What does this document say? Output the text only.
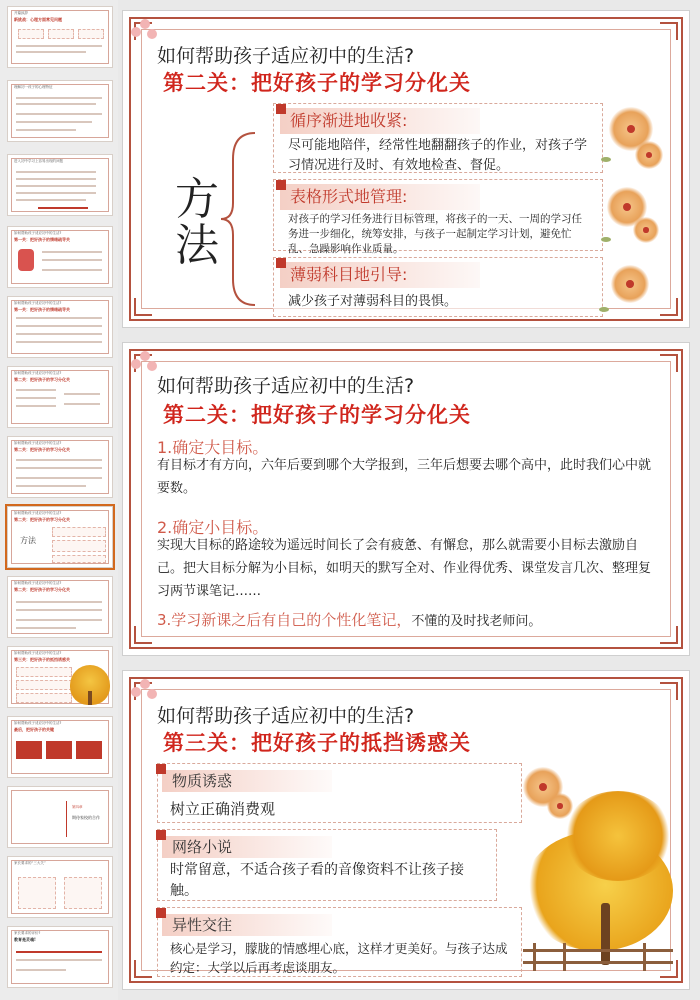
开篇致辞
新挑战：心理方面常见问题
理解初一孩子的心理特征
进入初中学习上容易出现的问题
如何帮助孩子适应初中的生活?
第一关：把好孩子的情绪疏导关
如何帮助孩子适应初中的生活?
第一关：把好孩子的情绪疏导关
如何帮助孩子适应初中的生活?
第二关：把好孩子的学习分化关
如何帮助孩子适应初中的生活?
第二关：把好孩子的学习分化关
如何帮助孩子适应初中的生活?
第二关：把好孩子的学习分化关
方法
如何帮助孩子适应初中的生活?
第二关：把好孩子的学习分化关
如何帮助孩子适应初中的生活?
第三关：把好孩子的抵挡诱惑关
如何帮助孩子适应初中的生活?
最后，把好孩子的关键
第四章
期待家校的合作
家长要求的“三大关”
家长要求的评价?
教育是灵魂!
如何帮助孩子适应初中的生活?
第二关：把好孩子的学习分化关
方
法
循序渐进地收紧:
尽可能地陪伴，经常性地翻翻孩子的作业，对孩子学习情况进行及时、有效地检查、督促。
表格形式地管理:
对孩子的学习任务进行目标管理，将孩子的一天、一周的学习任务进一步细化，统筹安排，与孩子一起制定学习计划，避免忙乱、急躁影响作业质量。
薄弱科目地引导:
减少孩子对薄弱科目的畏惧。
如何帮助孩子适应初中的生活?
第二关：把好孩子的学习分化关
1.确定大目标。
有目标才有方向，六年后要到哪个大学报到，三年后想要去哪个高中，此时我们心中就要数。
2.确定小目标。
实现大目标的路途较为遥远时间长了会有疲惫、有懈怠，那么就需要小目标去激励自己。把大目标分解为小目标，如明天的默写全对、作业得优秀、课堂发言几次、整理复习两节课笔记……
3.学习新课之后有自己的个性化笔记，不懂的及时找老师问。
如何帮助孩子适应初中的生活?
第三关：把好孩子的抵挡诱惑关
物质诱惑
树立正确消费观
网络小说
时常留意，不适合孩子看的音像资料不让孩子接触。
异性交往
核心是学习，朦胧的情感埋心底，这样才更美好。与孩子达成约定：大学以后再考虑谈朋友。
